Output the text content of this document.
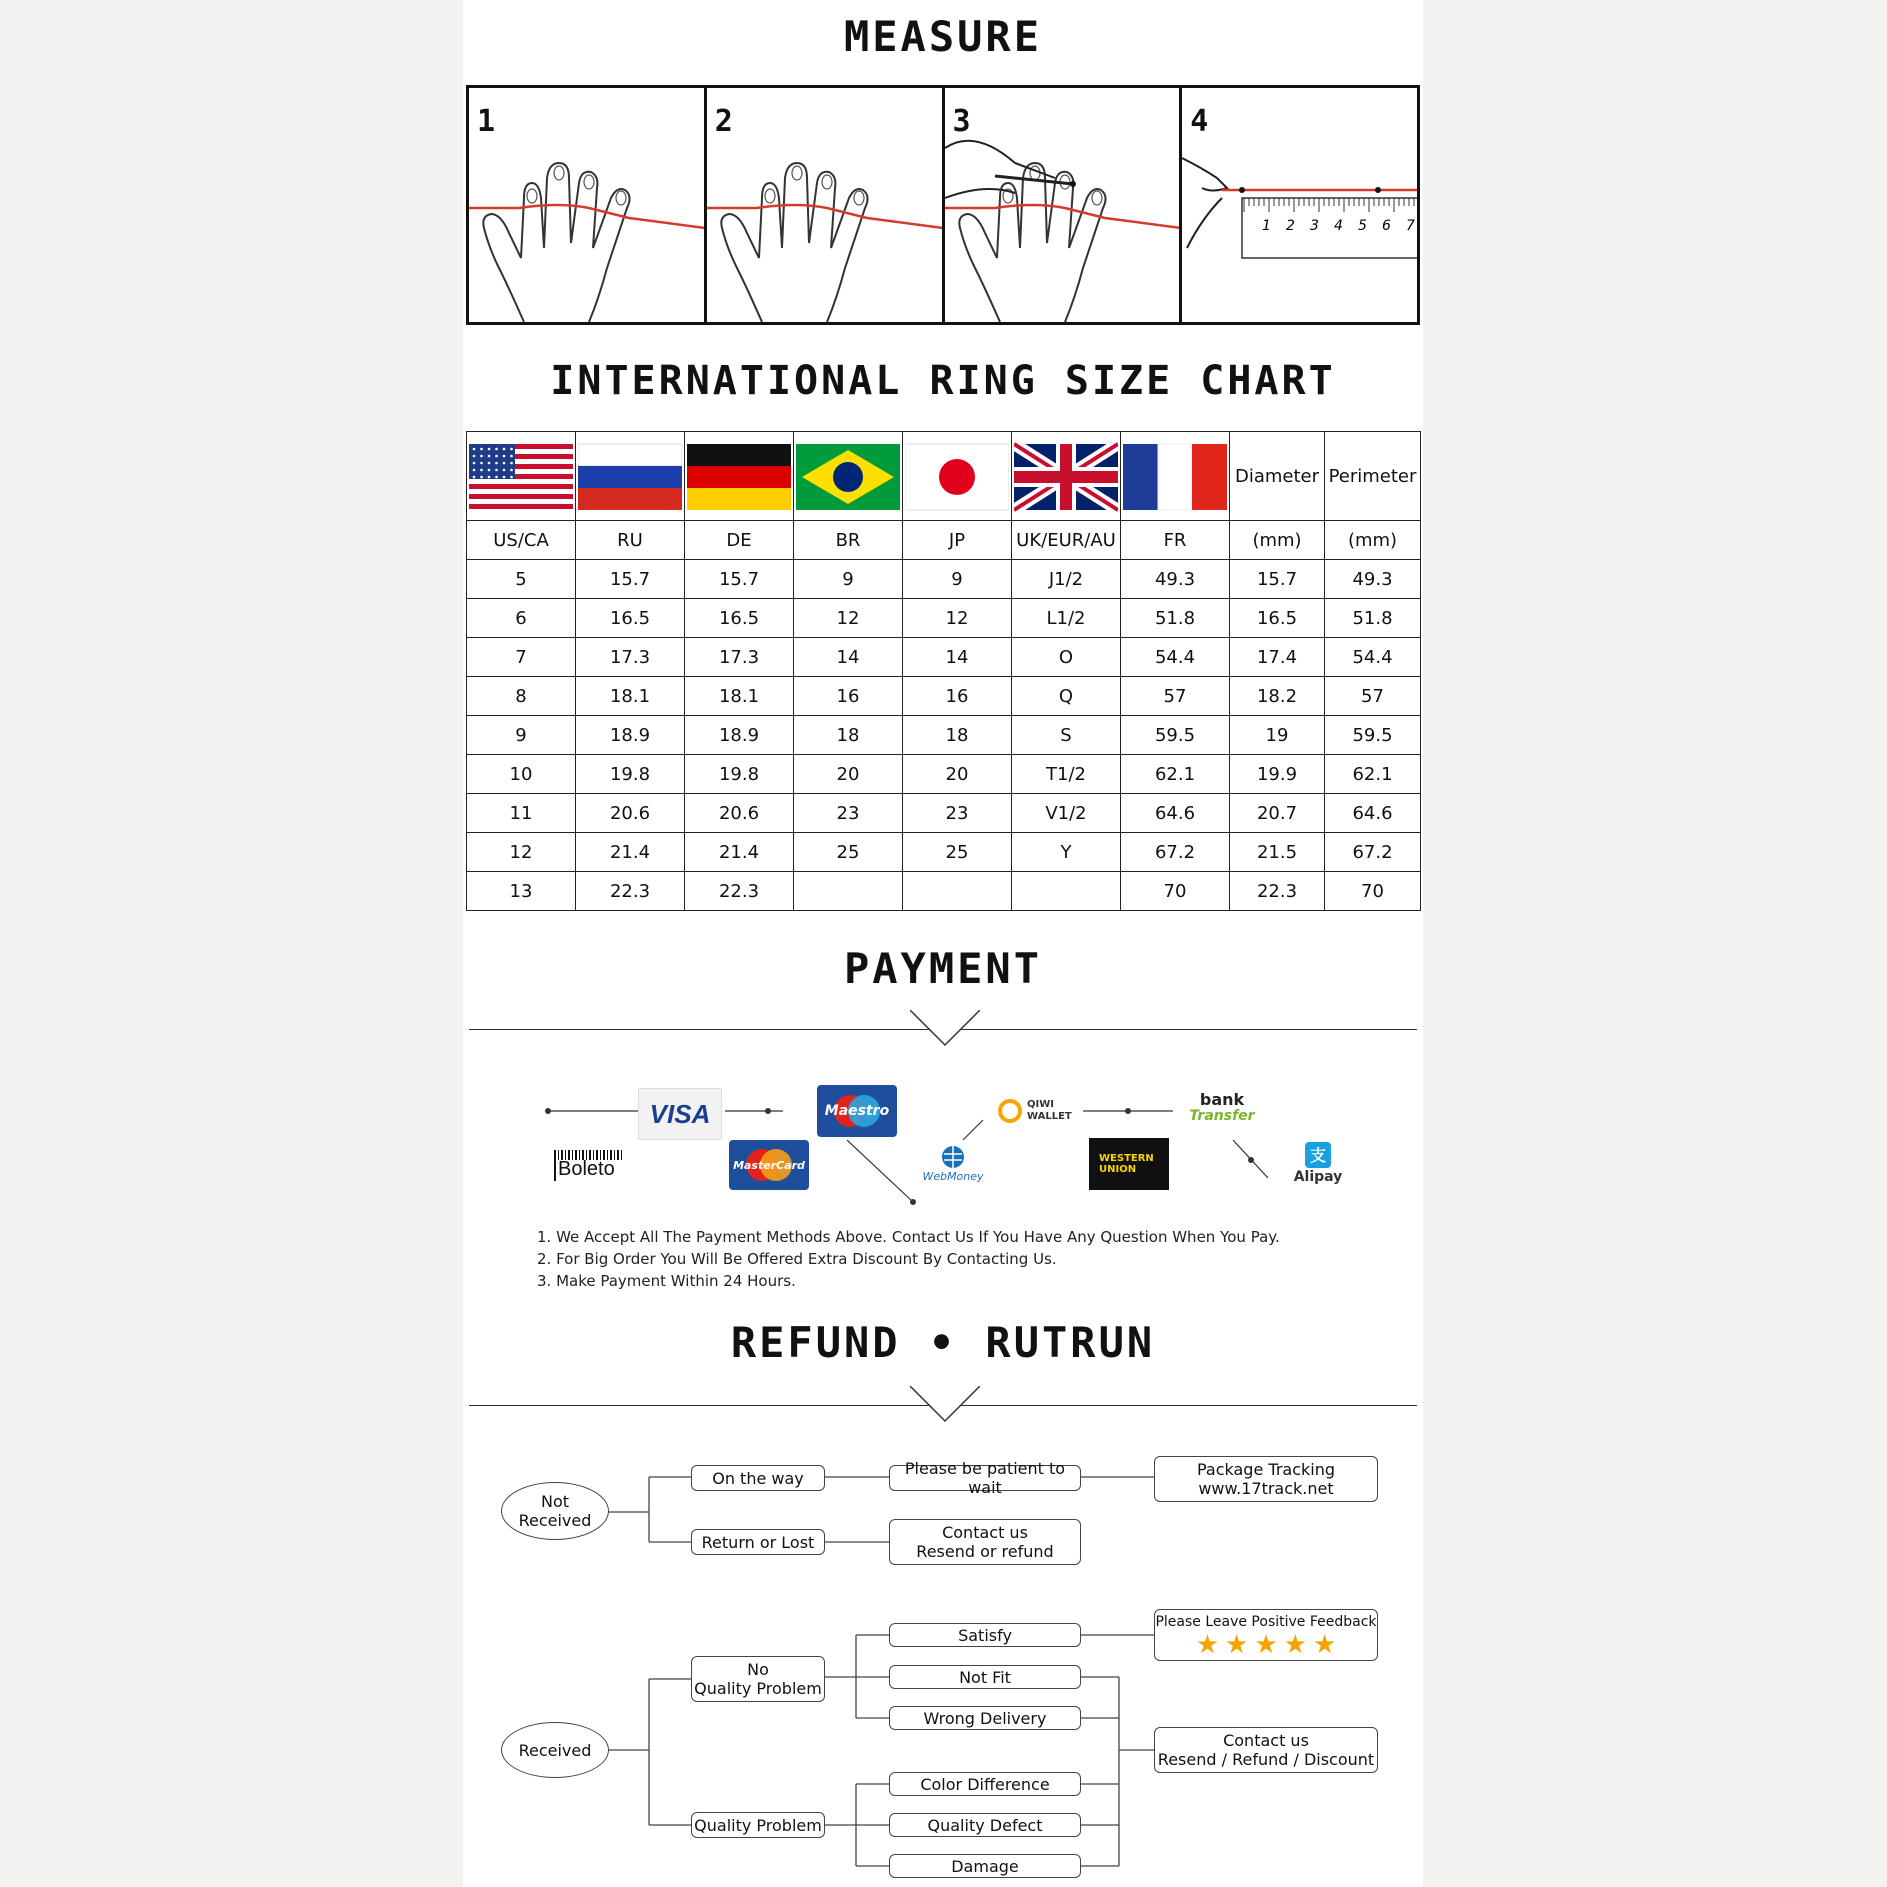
MEASURE
1	2	3
1 2 3 4 5 6 7
4
INTERNATIONAL RING SIZE CHART

	Diameter	Perimeter
US/CA	RU	DE	BR	JP	UK/EUR/AU	FR	(mm)	(mm)
5	15.7	15.7	9	9	J1/2	49.3	15.7	49.3
6	16.5	16.5	12	12	L1/2	51.8	16.5	51.8
7	17.3	17.3	14	14	O	54.4	17.4	54.4
8	18.1	18.1	16	16	Q	57	18.2	57
9	18.9	18.9	18	18	S	59.5	19	59.5
10	19.8	19.8	20	20	T1/2	62.1	19.9	62.1
11	20.6	20.6	23	23	V1/2	64.6	20.7	64.6
12	21.4	21.4	25	25	Y	67.2	21.5	67.2
13	22.3	22.3				70	22.3	70
PAYMENT
VISA
Boleto
Maestro
MasterCard
WebMoney
QIWI WALLET
WESTERN UNION
bank
Transfer
支
Alipay
1. We Accept All The Payment Methods Above. Contact Us If You Have Any Question When You Pay.
2. For Big Order You Will Be Offered Extra Discount By Contacting Us.
3. Make Payment Within 24 Hours.
REFUND • RUTRUN
Not
Received
On the way	Please be patient to wait
Package Tracking
www.17track.net
Return or Lost	Contact us
Resend or refund
Received
No
Quality Problem
Quality Problem
Satisfy
Not Fit
Wrong Delivery
Color Difference
Quality Defect
Damage
Please Leave Positive Feedback
★ ★ ★ ★ ★
Contact us
Resend / Refund / Discount
